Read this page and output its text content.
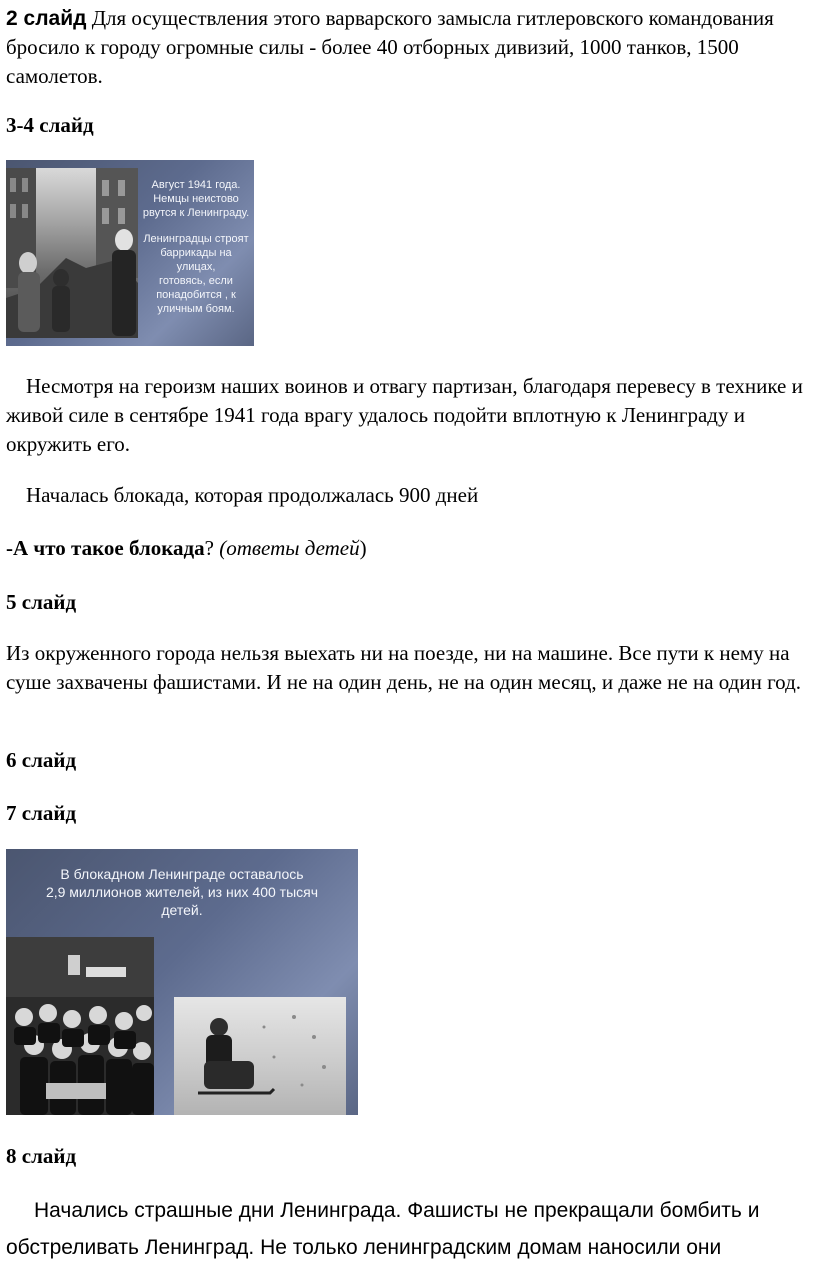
2 слайд Для осуществления этого варварского замысла гитлеровского командования бросило к городу огромные силы - более 40 отборных дивизий, 1000 танков, 1500 самолетов.

3-4 слайд

Август 1941 года.
Немцы неистово
рвутся к Ленинграду.
Ленинградцы строят
баррикады на улицах,
готовясь, если
понадобится , к
уличным боям.

Несмотря на героизм наших воинов и отвагу партизан, благодаря перевесу в технике и живой силе в сентябре 1941 года врагу удалось подойти вплотную к Ленинграду и окружить его.

Началась блокада, которая продолжалась 900 дней

-А что такое блокада? (ответы детей)

5 слайд

Из окруженного города нельзя выехать ни на поезде, ни на машине. Все пути к нему на суше захвачены фашистами. И не на один день, не на один месяц, и даже не на один год.

6 слайд

7 слайд

В блокадном Ленинграде оставалось
2,9 миллионов жителей, из них 400 тысяч
детей.

8 слайд

Начались страшные дни Ленинграда. Фашисты не прекращали бомбить и обстреливать Ленинград. Не только ленинградским домам наносили они
